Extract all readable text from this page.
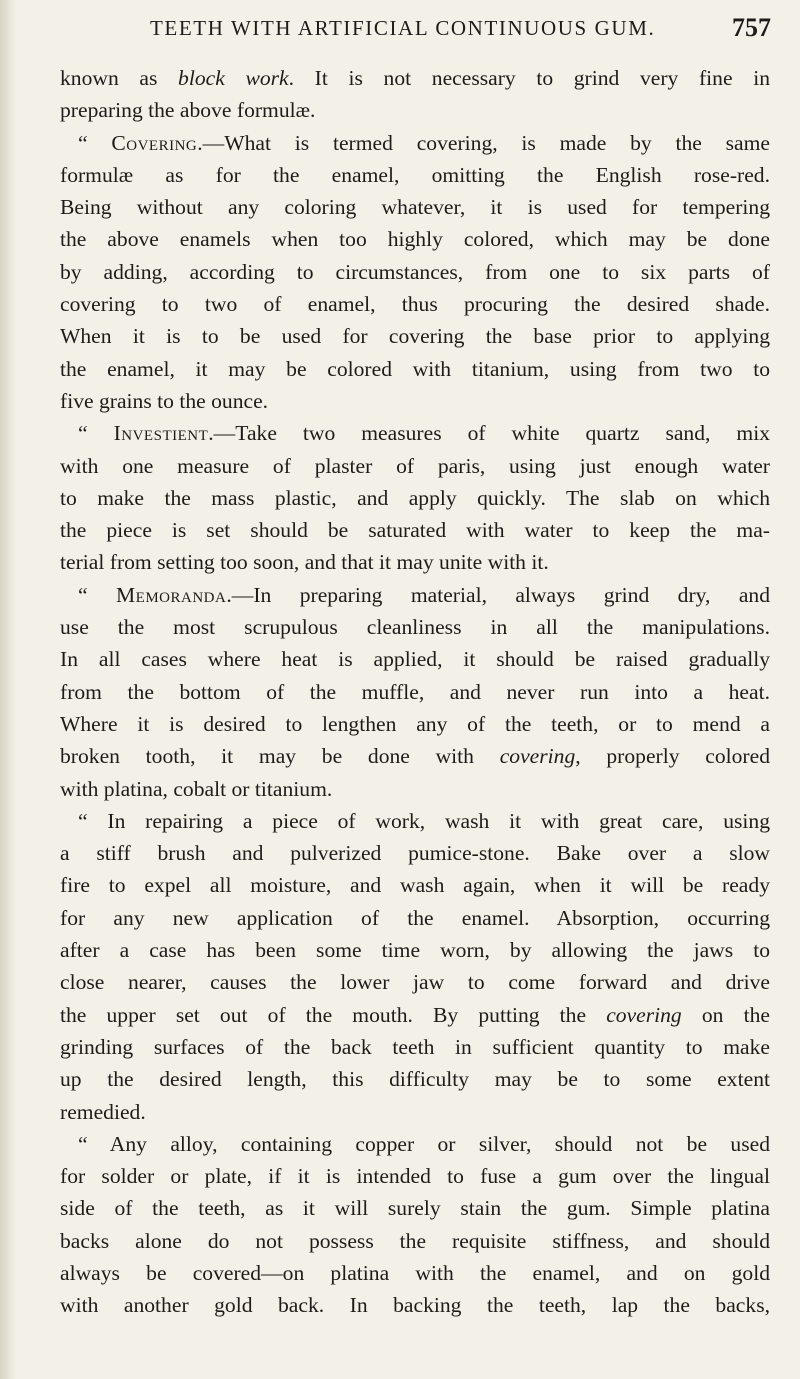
TEETH WITH ARTIFICIAL CONTINUOUS GUM.	757
known as block work. It is not necessary to grind very fine in
preparing the above formulæ.
“ Covering.—What is termed covering, is made by the same
formulæ as for the enamel, omitting the English rose-red.
Being without any coloring whatever, it is used for tempering
the above enamels when too highly colored, which may be done
by adding, according to circumstances, from one to six parts of
covering to two of enamel, thus procuring the desired shade.
When it is to be used for covering the base prior to applying
the enamel, it may be colored with titanium, using from two to
five grains to the ounce.
“ Investient.—Take two measures of white quartz sand, mix
with one measure of plaster of paris, using just enough water
to make the mass plastic, and apply quickly. The slab on which
the piece is set should be saturated with water to keep the ma-
terial from setting too soon, and that it may unite with it.
“ Memoranda.—In preparing material, always grind dry, and
use the most scrupulous cleanliness in all the manipulations.
In all cases where heat is applied, it should be raised gradually
from the bottom of the muffle, and never run into a heat.
Where it is desired to lengthen any of the teeth, or to mend a
broken tooth, it may be done with covering, properly colored
with platina, cobalt or titanium.
“ In repairing a piece of work, wash it with great care, using
a stiff brush and pulverized pumice-stone. Bake over a slow
fire to expel all moisture, and wash again, when it will be ready
for any new application of the enamel. Absorption, occurring
after a case has been some time worn, by allowing the jaws to
close nearer, causes the lower jaw to come forward and drive
the upper set out of the mouth. By putting the covering on the
grinding surfaces of the back teeth in sufficient quantity to make
up the desired length, this difficulty may be to some extent
remedied.
“ Any alloy, containing copper or silver, should not be used
for solder or plate, if it is intended to fuse a gum over the lingual
side of the teeth, as it will surely stain the gum. Simple platina
backs alone do not possess the requisite stiffness, and should
always be covered—on platina with the enamel, and on gold
with another gold back. In backing the teeth, lap the backs,
